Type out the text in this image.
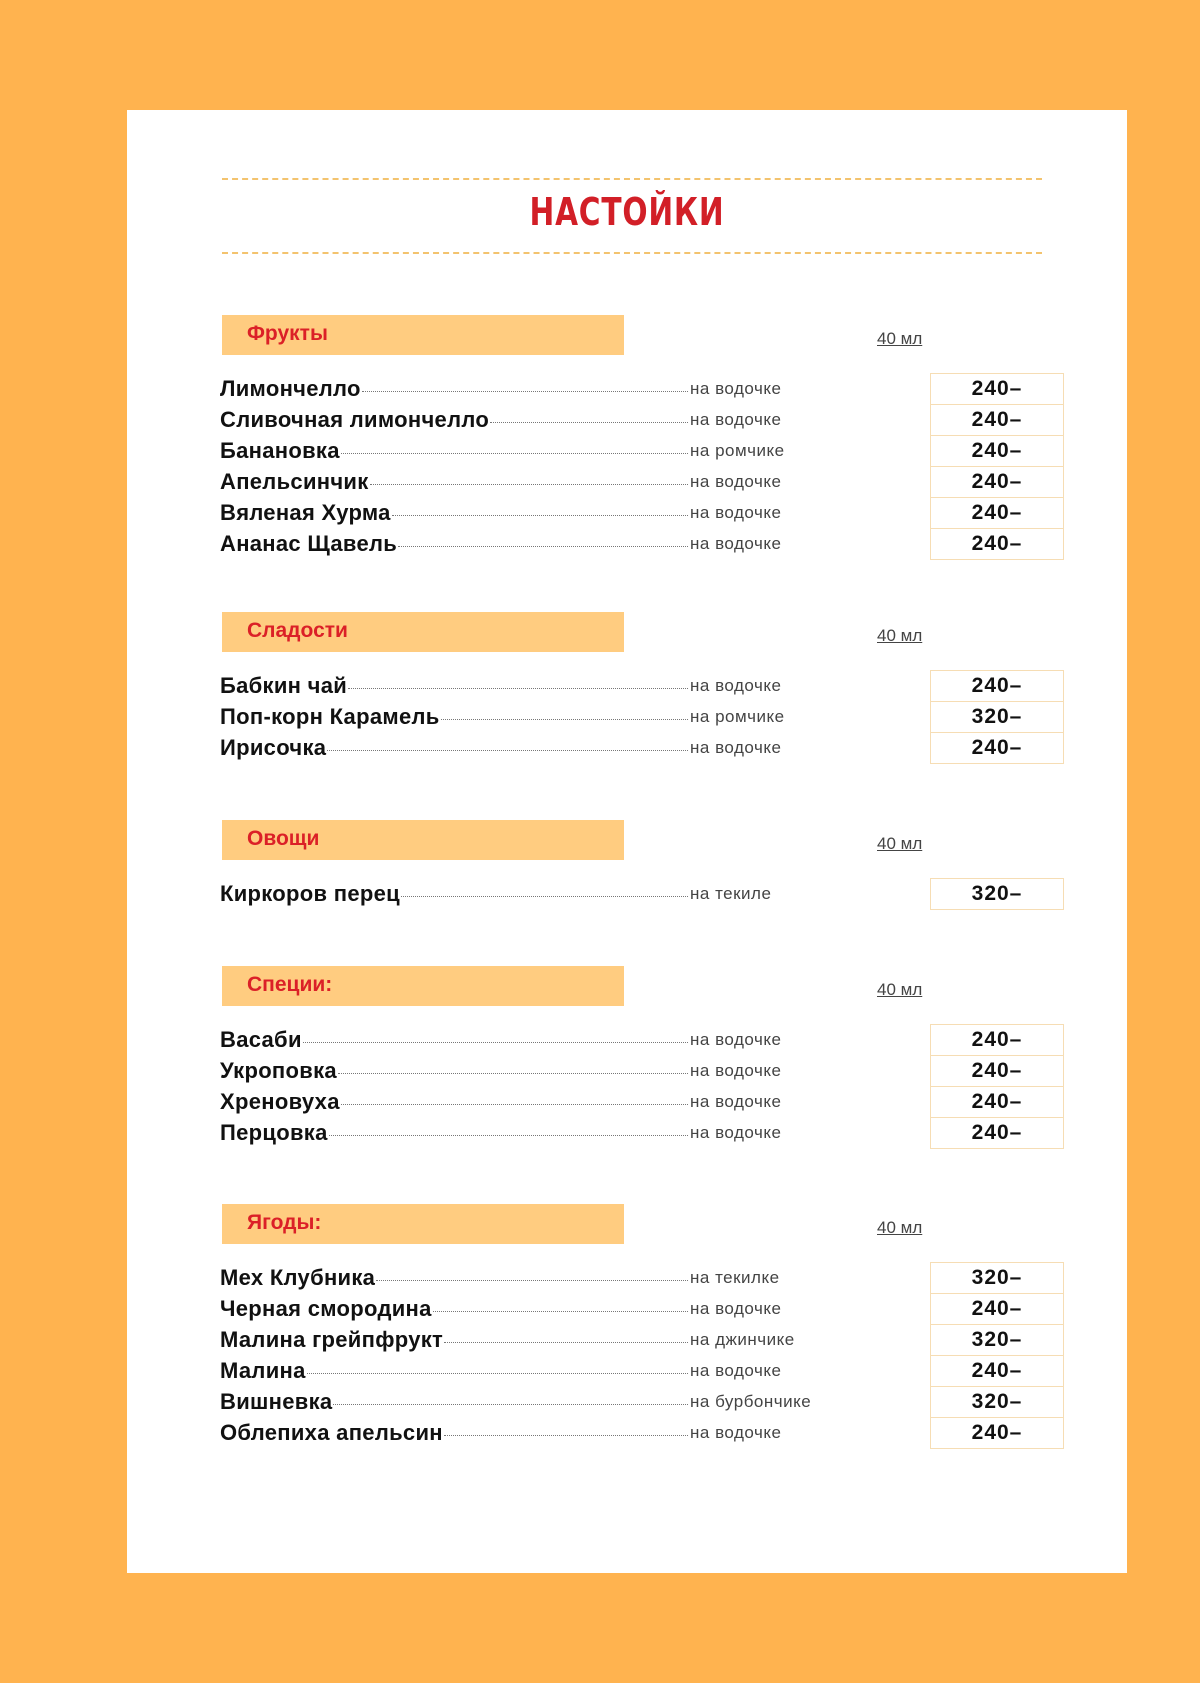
НАСТОЙКИ
Фрукты	40 мл
Лимончелло	на водочке	240–
Сливочная лимончелло	на водочке	240–
Банановка	на ромчике	240–
Апельсинчик	на водочке	240–
Вяленая Хурма	на водочке	240–
Ананас Щавель	на водочке	240–
Сладости	40 мл
Бабкин чай	на водочке	240–
Поп-корн Карамель	на ромчике	320–
Ирисочка	на водочке	240–
Овощи	40 мл
Киркоров перец	на текиле	320–
Специи:	40 мл
Васаби	на водочке	240–
Укроповка	на водочке	240–
Хреновуха	на водочке	240–
Перцовка	на водочке	240–
Ягоды:	40 мл
Мех Клубника	на текилке	320–
Черная смородина	на водочке	240–
Малина грейпфрукт	на джинчике	320–
Малина	на водочке	240–
Вишневка	на бурбончике	320–
Облепиха апельсин	на водочке	240–
